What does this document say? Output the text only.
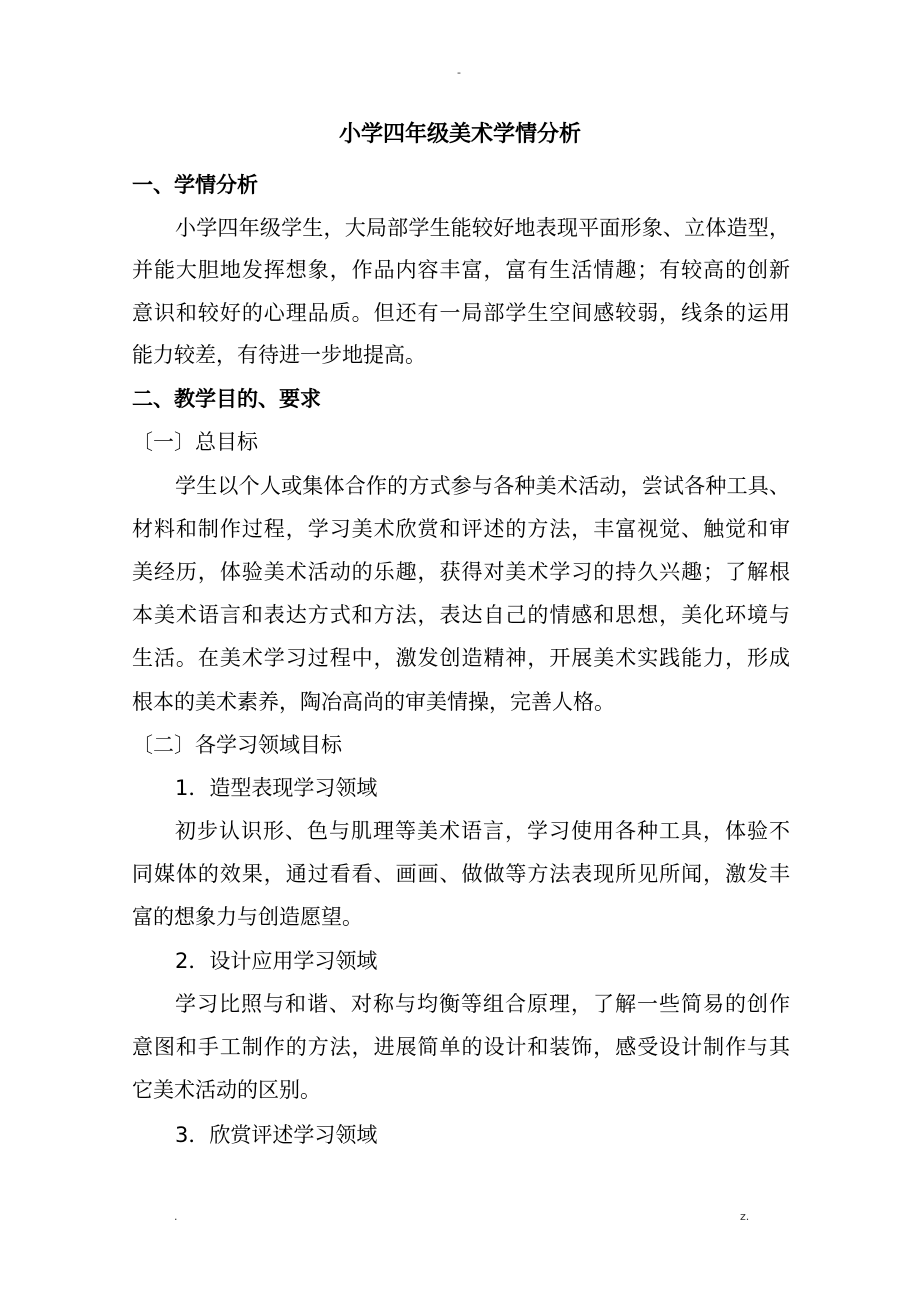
-
小学四年级美术学情分析
一、学情分析
小学四年级学生，大局部学生能较好地表现平面形象、立体造型，
并能大胆地发挥想象，作品内容丰富，富有生活情趣；有较高的创新
意识和较好的心理品质。但还有一局部学生空间感较弱，线条的运用
能力较差，有待进一步地提高。
二、教学目的、要求
〔一〕总目标
学生以个人或集体合作的方式参与各种美术活动，尝试各种工具、
材料和制作过程，学习美术欣赏和评述的方法，丰富视觉、触觉和审
美经历，体验美术活动的乐趣，获得对美术学习的持久兴趣；了解根
本美术语言和表达方式和方法，表达自己的情感和思想，美化环境与
生活。在美术学习过程中，激发创造精神，开展美术实践能力，形成
根本的美术素养，陶冶高尚的审美情操，完善人格。
〔二〕各学习领域目标
1．造型表现学习领域
初步认识形、色与肌理等美术语言，学习使用各种工具，体验不
同媒体的效果，通过看看、画画、做做等方法表现所见所闻，激发丰
富的想象力与创造愿望。
2．设计应用学习领域
学习比照与和谐、对称与均衡等组合原理，了解一些简易的创作
意图和手工制作的方法，进展简单的设计和装饰，感受设计制作与其
它美术活动的区别。
3．欣赏评述学习领域
.	z.
